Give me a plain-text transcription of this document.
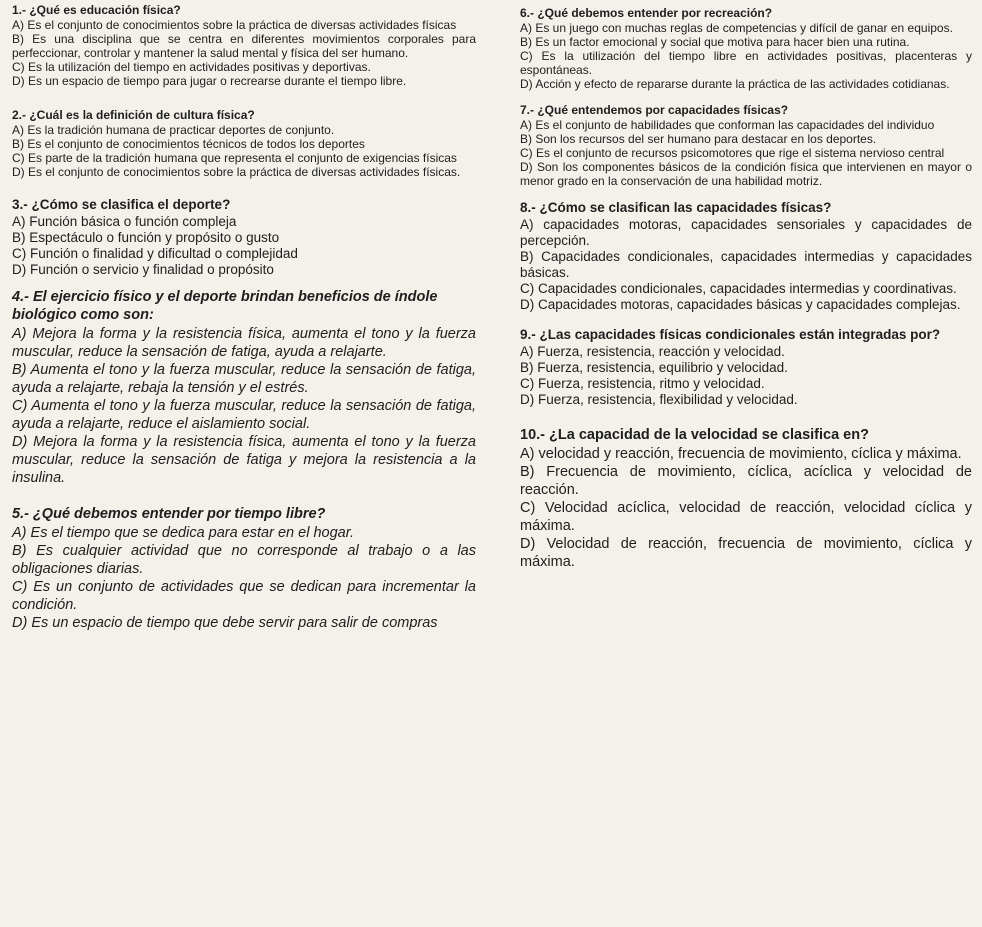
1.- ¿Qué es educación física?

A) Es el conjunto de conocimientos sobre la práctica de diversas actividades físicas

B) Es una disciplina que se centra en diferentes movimientos corporales para perfeccionar, controlar y mantener la salud mental y física del ser humano.

C) Es la utilización del tiempo en actividades positivas y deportivas.

D) Es un espacio de tiempo para jugar o recrearse durante el tiempo libre.

2.- ¿Cuál es la definición de cultura física?

A) Es la tradición humana de practicar deportes de conjunto.

B) Es el conjunto de conocimientos técnicos de todos los deportes

C) Es parte de la tradición humana que representa el conjunto de exigencias físicas

D) Es el conjunto de conocimientos sobre la práctica de diversas actividades físicas.

3.- ¿Cómo se clasifica el deporte?

A) Función básica o función compleja

B) Espectáculo o función y propósito o gusto

C) Función o finalidad y dificultad o complejidad

D) Función o servicio y finalidad o propósito

4.- El ejercicio físico y el deporte brindan beneficios de índole biológico como son:

A) Mejora la forma y la resistencia física, aumenta el tono y la fuerza muscular, reduce la sensación de fatiga, ayuda a relajarte.

B) Aumenta el tono y la fuerza muscular, reduce la sensación de fatiga, ayuda a relajarte, rebaja la tensión y el estrés.

C) Aumenta el tono y la fuerza muscular, reduce la sensación de fatiga, ayuda a relajarte, reduce el aislamiento social.

D) Mejora la forma y la resistencia física, aumenta el tono y la fuerza muscular, reduce la sensación de fatiga y mejora la resistencia a la insulina.

5.- ¿Qué debemos entender por tiempo libre?

A) Es el tiempo que se dedica para estar en el hogar.

B) Es cualquier actividad que no corresponde al trabajo o a las obligaciones diarias.

C) Es un conjunto de actividades que se dedican para incrementar la condición.

D) Es un espacio de tiempo que debe servir para salir de compras

6.- ¿Qué debemos entender por recreación?

A) Es un juego con muchas reglas de competencias y difícil de ganar en equipos.

B) Es un factor emocional y social que motiva para hacer bien una rutina.

C) Es la utilización del tiempo libre en actividades positivas, placenteras y espontáneas.

D) Acción y efecto de repararse durante la práctica de las actividades cotidianas.

7.- ¿Qué entendemos por capacidades físicas?

A) Es el conjunto de habilidades que conforman las capacidades del individuo

B) Son los recursos del ser humano para destacar en los deportes.

C) Es el conjunto de recursos psicomotores que rige el sistema nervioso central

D) Son los componentes básicos de la condición física que intervienen en mayor o menor grado en la conservación de una habilidad motriz.

8.- ¿Cómo se clasifican las capacidades físicas?

A) capacidades motoras, capacidades sensoriales y capacidades de percepción.

B) Capacidades condicionales, capacidades intermedias y capacidades básicas.

C) Capacidades condicionales, capacidades intermedias y coordinativas.

D) Capacidades motoras, capacidades básicas y capacidades complejas.

9.- ¿Las capacidades físicas condicionales están integradas por?

A) Fuerza, resistencia, reacción y velocidad.

B) Fuerza, resistencia, equilibrio y velocidad.

C) Fuerza, resistencia, ritmo y velocidad.

D) Fuerza, resistencia, flexibilidad y velocidad.

10.- ¿La capacidad de la velocidad se clasifica en?

A) velocidad y reacción, frecuencia de movimiento, cíclica y máxima.

B) Frecuencia de movimiento, cíclica, acíclica y velocidad de reacción.

C) Velocidad acíclica, velocidad de reacción, velocidad cíclica y máxima.

D) Velocidad de reacción, frecuencia de movimiento, cíclica y máxima.
